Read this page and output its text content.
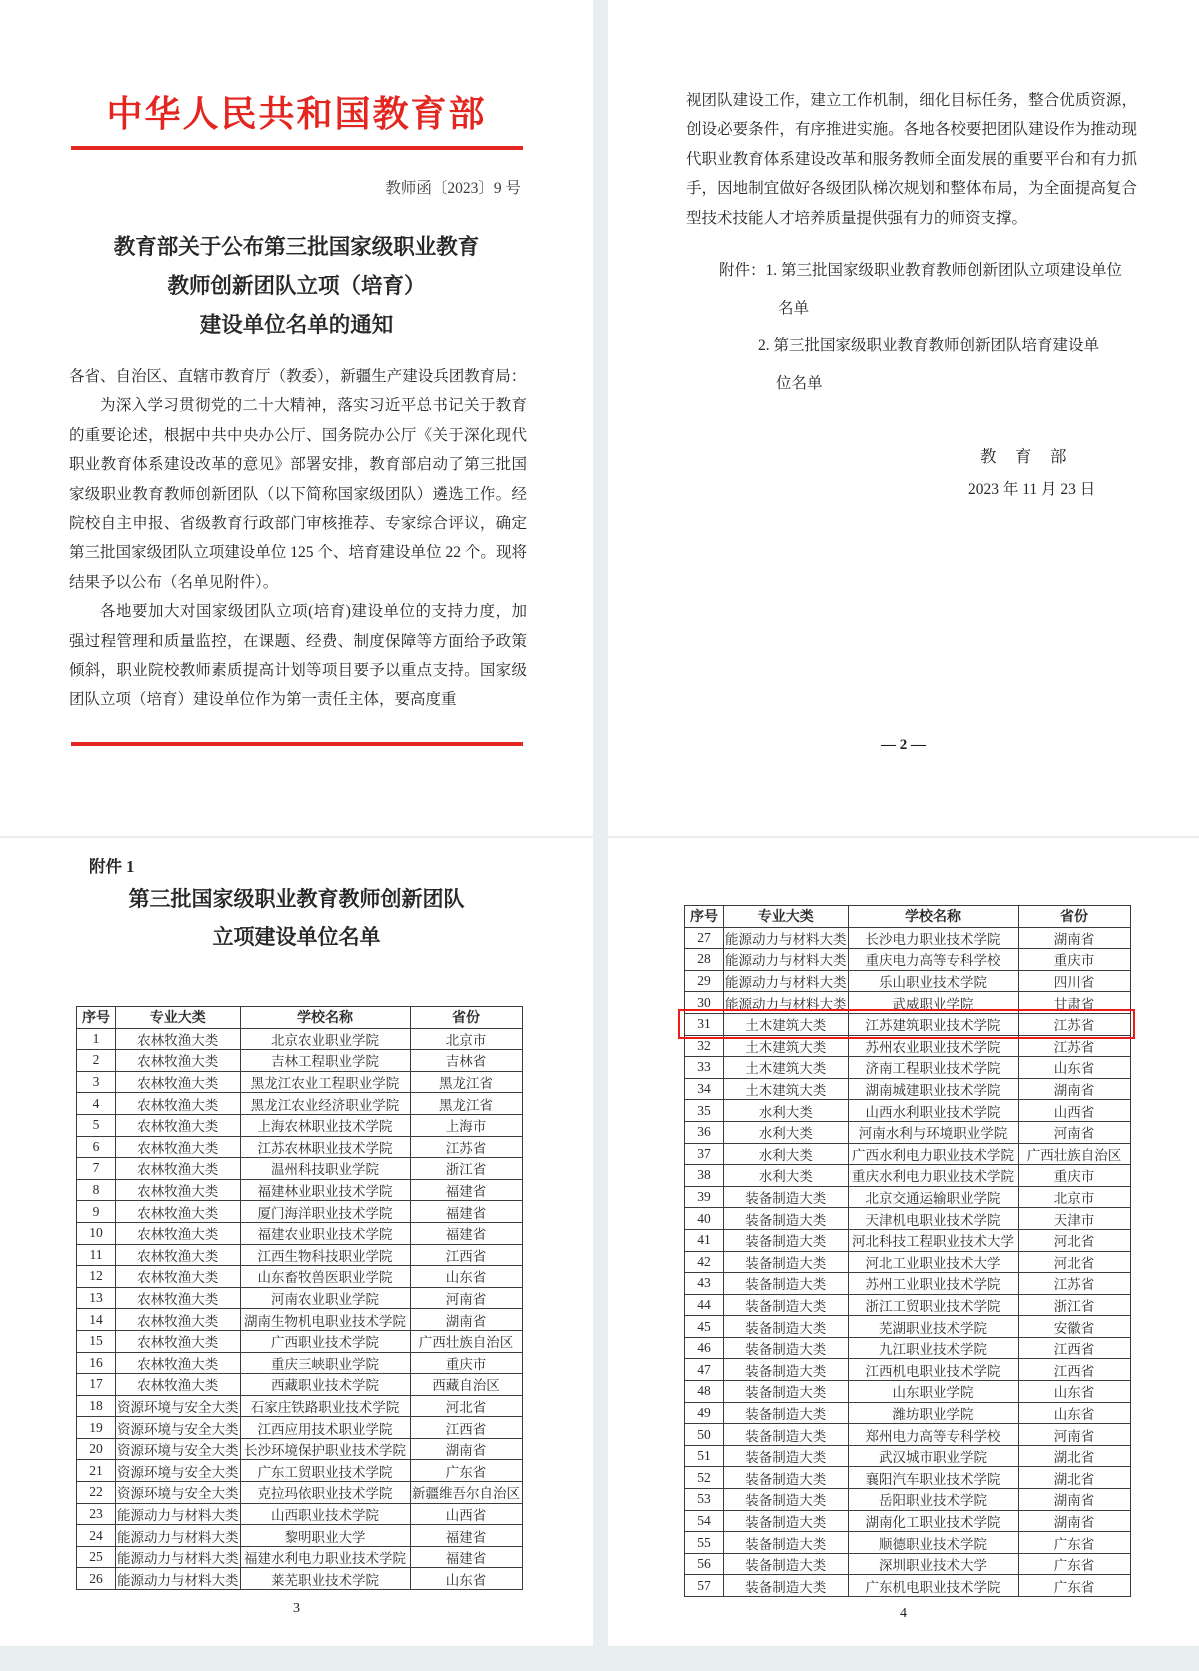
中华人民共和国教育部
教师函〔2023〕9 号
教育部关于公布第三批国家级职业教育
教师创新团队立项（培育）
建设单位名单的通知
各省、自治区、直辖市教育厅（教委），新疆生产建设兵团教育局：
为深入学习贯彻党的二十大精神，落实习近平总书记关于教育的重要论述，根据中共中央办公厅、国务院办公厅《关于深化现代职业教育体系建设改革的意见》部署安排，教育部启动了第三批国家级职业教育教师创新团队（以下简称国家级团队）遴选工作。经院校自主申报、省级教育行政部门审核推荐、专家综合评议，确定第三批国家级团队立项建设单位 125 个、培育建设单位 22 个。现将结果予以公布（名单见附件）。
各地要加大对国家级团队立项(培育)建设单位的支持力度，加强过程管理和质量监控，在课题、经费、制度保障等方面给予政策倾斜，职业院校教师素质提高计划等项目要予以重点支持。国家级团队立项（培育）建设单位作为第一责任主体，要高度重
视团队建设工作，建立工作机制，细化目标任务，整合优质资源，创设必要条件，有序推进实施。各地各校要把团队建设作为推动现代职业教育体系建设改革和服务教师全面发展的重要平台和有力抓手，因地制宜做好各级团队梯次规划和整体布局，为全面提高复合型技术技能人才培养质量提供强有力的师资支撑。
附件：1. 第三批国家级职业教育教师创新团队立项建设单位
名单
2. 第三批国家级职业教育教师创新团队培育建设单
位名单
教　育　部
2023 年 11 月 23 日
— 2 —
附件 1
第三批国家级职业教育教师创新团队
立项建设单位名单
序号	专业大类	学校名称	省份
1	农林牧渔大类	北京农业职业学院	北京市
2	农林牧渔大类	吉林工程职业学院	吉林省
3	农林牧渔大类	黑龙江农业工程职业学院	黑龙江省
4	农林牧渔大类	黑龙江农业经济职业学院	黑龙江省
5	农林牧渔大类	上海农林职业技术学院	上海市
6	农林牧渔大类	江苏农林职业技术学院	江苏省
7	农林牧渔大类	温州科技职业学院	浙江省
8	农林牧渔大类	福建林业职业技术学院	福建省
9	农林牧渔大类	厦门海洋职业技术学院	福建省
10	农林牧渔大类	福建农业职业技术学院	福建省
11	农林牧渔大类	江西生物科技职业学院	江西省
12	农林牧渔大类	山东畜牧兽医职业学院	山东省
13	农林牧渔大类	河南农业职业学院	河南省
14	农林牧渔大类	湖南生物机电职业技术学院	湖南省
15	农林牧渔大类	广西职业技术学院	广西壮族自治区
16	农林牧渔大类	重庆三峡职业学院	重庆市
17	农林牧渔大类	西藏职业技术学院	西藏自治区
18	资源环境与安全大类	石家庄铁路职业技术学院	河北省
19	资源环境与安全大类	江西应用技术职业学院	江西省
20	资源环境与安全大类	长沙环境保护职业技术学院	湖南省
21	资源环境与安全大类	广东工贸职业技术学院	广东省
22	资源环境与安全大类	克拉玛依职业技术学院	新疆维吾尔自治区
23	能源动力与材料大类	山西职业技术学院	山西省
24	能源动力与材料大类	黎明职业大学	福建省
25	能源动力与材料大类	福建水利电力职业技术学院	福建省
26	能源动力与材料大类	莱芜职业技术学院	山东省
3
序号	专业大类	学校名称	省份
27	能源动力与材料大类	长沙电力职业技术学院	湖南省
28	能源动力与材料大类	重庆电力高等专科学校	重庆市
29	能源动力与材料大类	乐山职业技术学院	四川省
30	能源动力与材料大类	武威职业学院	甘肃省
31	土木建筑大类	江苏建筑职业技术学院	江苏省
32	土木建筑大类	苏州农业职业技术学院	江苏省
33	土木建筑大类	济南工程职业技术学院	山东省
34	土木建筑大类	湖南城建职业技术学院	湖南省
35	水利大类	山西水利职业技术学院	山西省
36	水利大类	河南水利与环境职业学院	河南省
37	水利大类	广西水利电力职业技术学院	广西壮族自治区
38	水利大类	重庆水利电力职业技术学院	重庆市
39	装备制造大类	北京交通运输职业学院	北京市
40	装备制造大类	天津机电职业技术学院	天津市
41	装备制造大类	河北科技工程职业技术大学	河北省
42	装备制造大类	河北工业职业技术大学	河北省
43	装备制造大类	苏州工业职业技术学院	江苏省
44	装备制造大类	浙江工贸职业技术学院	浙江省
45	装备制造大类	芜湖职业技术学院	安徽省
46	装备制造大类	九江职业技术学院	江西省
47	装备制造大类	江西机电职业技术学院	江西省
48	装备制造大类	山东职业学院	山东省
49	装备制造大类	潍坊职业学院	山东省
50	装备制造大类	郑州电力高等专科学校	河南省
51	装备制造大类	武汉城市职业学院	湖北省
52	装备制造大类	襄阳汽车职业技术学院	湖北省
53	装备制造大类	岳阳职业技术学院	湖南省
54	装备制造大类	湖南化工职业技术学院	湖南省
55	装备制造大类	顺德职业技术学院	广东省
56	装备制造大类	深圳职业技术大学	广东省
57	装备制造大类	广东机电职业技术学院	广东省
4
